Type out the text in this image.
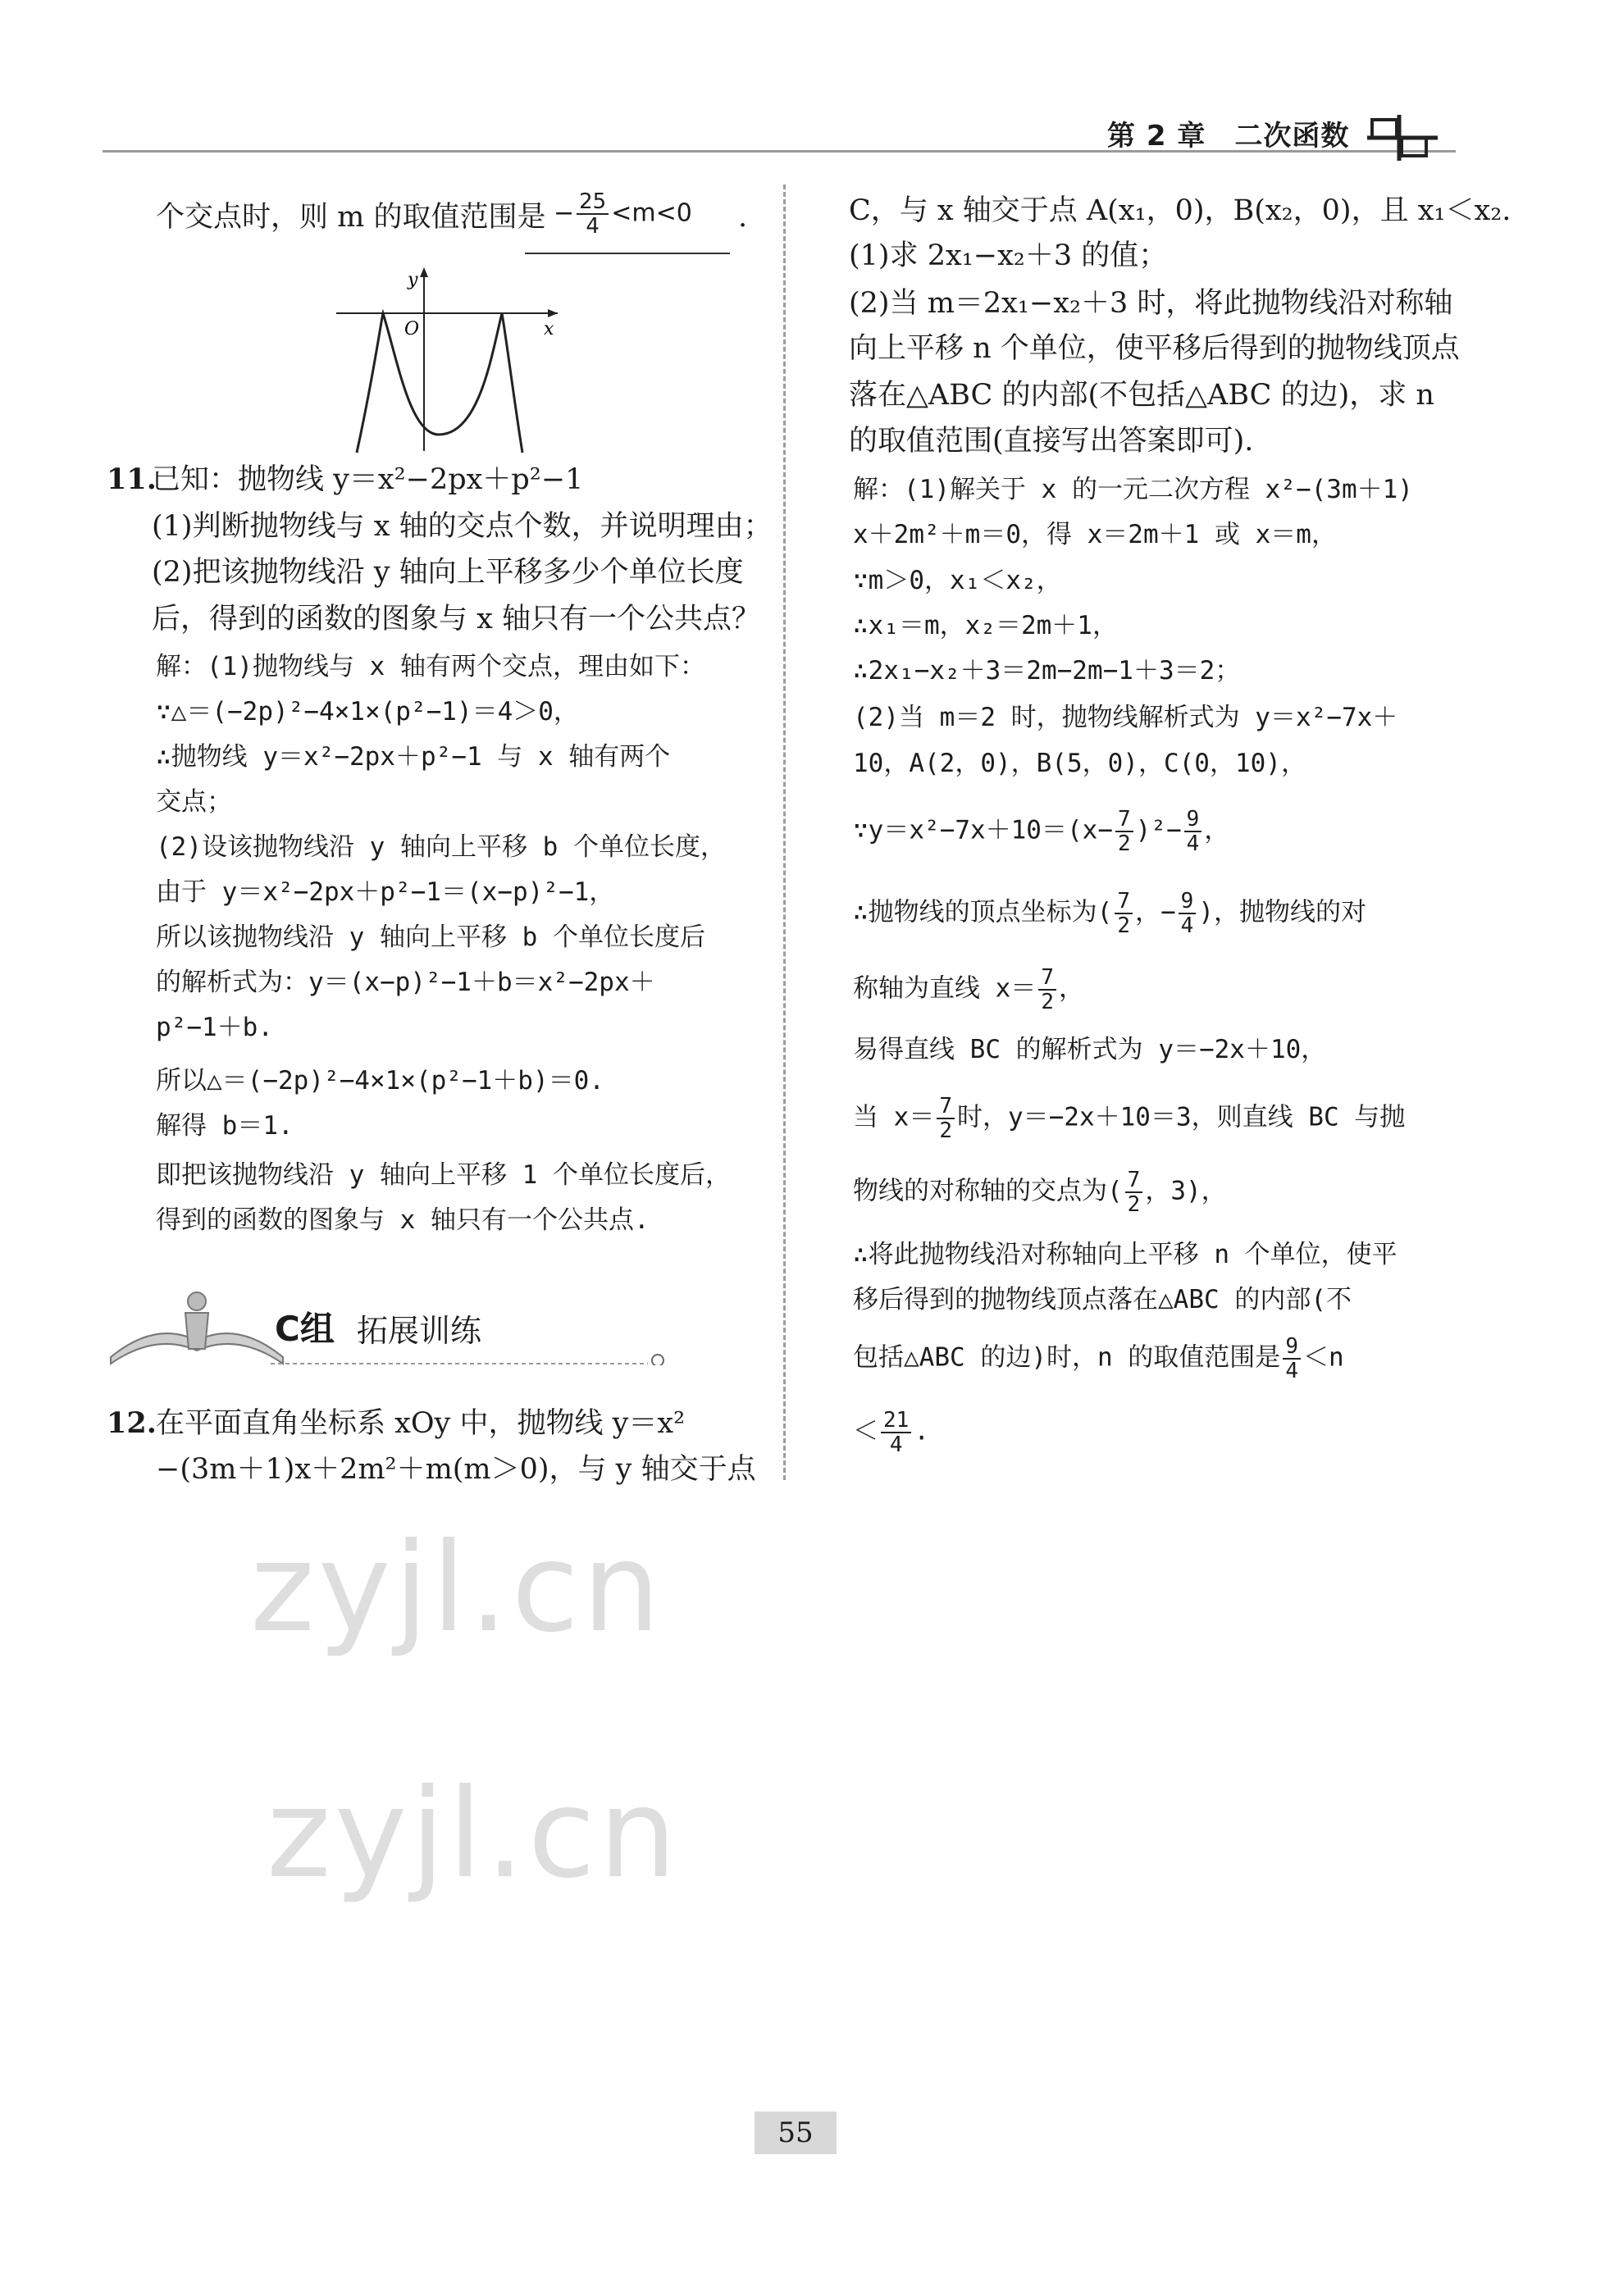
第 2 章　二次函数
个交点时，则 m 的取值范围是 − $\frac{25}{4} <m<0$ .
y
x
O
11.
已知：抛物线 y＝x²−2px＋p²−1
(1)判断抛物线与 x 轴的交点个数，并说明理由；
(2)把该抛物线沿 y 轴向上平移多少个单位长度
后，得到的函数的图象与 x 轴只有一个公共点？
解：(1)抛物线与 x 轴有两个交点，理由如下：
∵△＝(−2p)²−4×1×(p²−1)＝4＞0，
∴抛物线 y＝x²−2px＋p²−1 与 x 轴有两个
交点；
(2)设该抛物线沿 y 轴向上平移 b 个单位长度，
由于 y＝x²−2px＋p²−1＝(x−p)²−1，
所以该抛物线沿 y 轴向上平移 b 个单位长度后
的解析式为：y＝(x−p)²−1＋b＝x²−2px＋
p²−1＋b.
所以△＝(−2p)²−4×1×(p²−1＋b)＝0.
解得 b＝1.
即把该抛物线沿 y 轴向上平移 1 个单位长度后，
得到的函数的图象与 x 轴只有一个公共点.
C组 拓展训练
12. 在平面直角坐标系 xOy 中，抛物线 y＝x²
−(3m＋1)x＋2m²＋m(m＞0)，与 y 轴交于点
C，与 x 轴交于点 A(x₁，0)，B(x₂，0)，且 x₁＜x₂.
(1)求 2x₁−x₂＋3 的值；
(2)当 m＝2x₁−x₂＋3 时，将此抛物线沿对称轴
向上平移 n 个单位，使平移后得到的抛物线顶点
落在△ABC 的内部(不包括△ABC 的边)，求 n
的取值范围(直接写出答案即可).
解：(1)解关于 x 的一元二次方程 x²−(3m＋1)
x＋2m²＋m＝0，得 x＝2m＋1 或 x＝m，
∵m＞0，x₁＜x₂，
∴x₁＝m，x₂＝2m＋1，
∴2x₁−x₂＋3＝2m−2m−1＋3＝2；
(2)当 m＝2 时，抛物线解析式为 y＝x²−7x＋
10，A(2，0)，B(5，0)，C(0，10)，
∵y＝x²−7x＋10＝(x− $\frac{7}{2} )^2- \frac{9}{4}$ ，
∴抛物线的顶点坐标为( $\frac{7}{2}$ ，− $\frac{9}{4}$ )，抛物线的对
称轴为直线 $x= \frac{7}{2}$ ，
易得直线 BC 的解析式为 y＝−2x＋10，
当 $x= \frac{7}{2}$ 时，y＝−2x＋10＝3，则直线 BC 与抛
物线的对称轴的交点为( $\frac{7}{2}$ ，3)，
∴将此抛物线沿对称轴向上平移 n 个单位，使平
移后得到的抛物线顶点落在△ABC 的内部(不
包括△ABC 的边)时，n 的取值范围是 $\frac{9}{4} <n$
＜ $\frac{21}{4}$ .
zyjl.cn
zyjl.cn
55
